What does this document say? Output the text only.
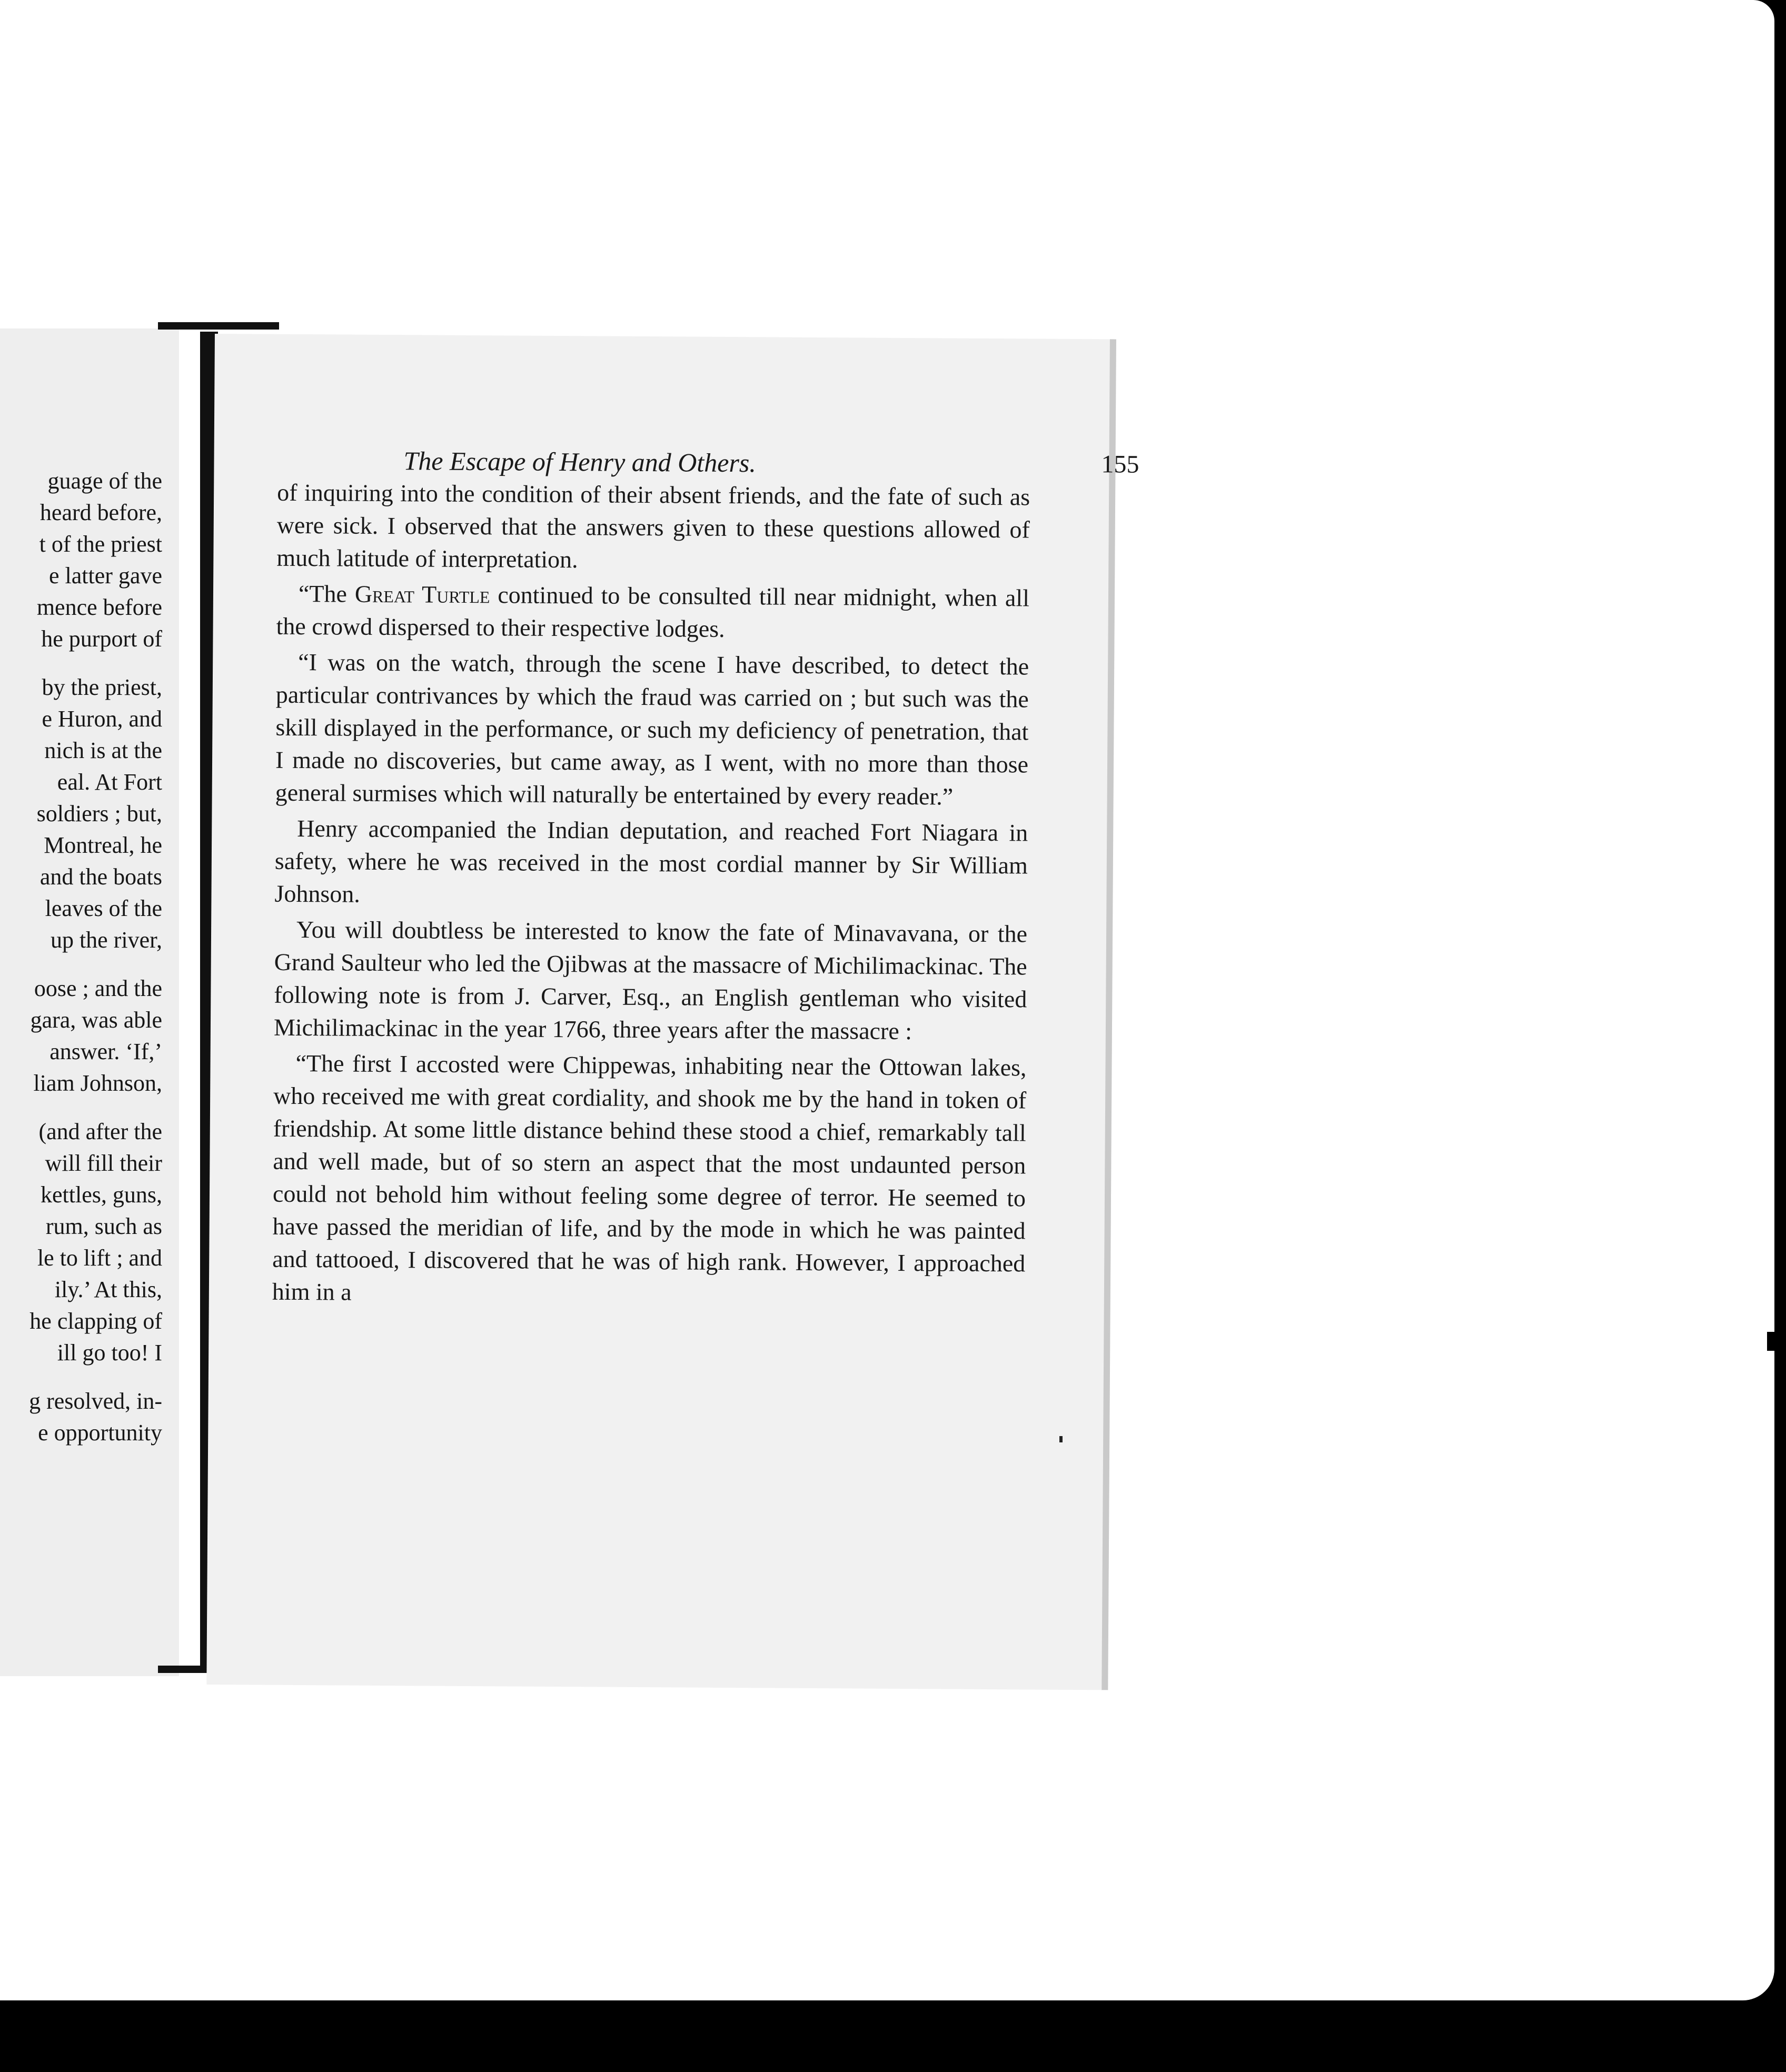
guage of the
heard before,
t of the priest
e latter gave
mence before
he purport of
by the priest,
e Huron, and
nich is at the
eal. At Fort
soldiers ; but,
Montreal, he
and the boats
leaves of the
up the river,
oose ; and the
gara, was able
answer. ‘If,’
liam Johnson,
(and after the
will fill their
kettles, guns,
rum, such as
le to lift ; and
ily.’ At this,
he clapping of
ill go too! I
g resolved, in-
e opportunity
The Escape of Henry and Others.	155

of inquiring into the condition of their absent friends, and the fate of such as were sick. I observed that the answers given to these questions allowed of much latitude of interpretation.

“The Great Turtle continued to be consulted till near midnight, when all the crowd dispersed to their respective lodges.

“I was on the watch, through the scene I have described, to detect the particular contrivances by which the fraud was carried on ; but such was the skill displayed in the performance, or such my deficiency of penetration, that I made no discoveries, but came away, as I went, with no more than those general surmises which will naturally be entertained by every reader.”

Henry accompanied the Indian deputation, and reached Fort Niagara in safety, where he was received in the most cordial manner by Sir William Johnson.

You will doubtless be interested to know the fate of Minavavana, or the Grand Saulteur who led the Ojibwas at the massacre of Michilimackinac. The following note is from J. Carver, Esq., an English gentleman who visited Michilimackinac in the year 1766, three years after the massacre :

“The first I accosted were Chippewas, inhabiting near the Ottowan lakes, who received me with great cordiality, and shook me by the hand in token of friendship. At some little distance behind these stood a chief, remarkably tall and well made, but of so stern an aspect that the most undaunted person could not behold him without feeling some degree of terror. He seemed to have passed the meridian of life, and by the mode in which he was painted and tattooed, I discovered that he was of high rank. However, I approached him in a
